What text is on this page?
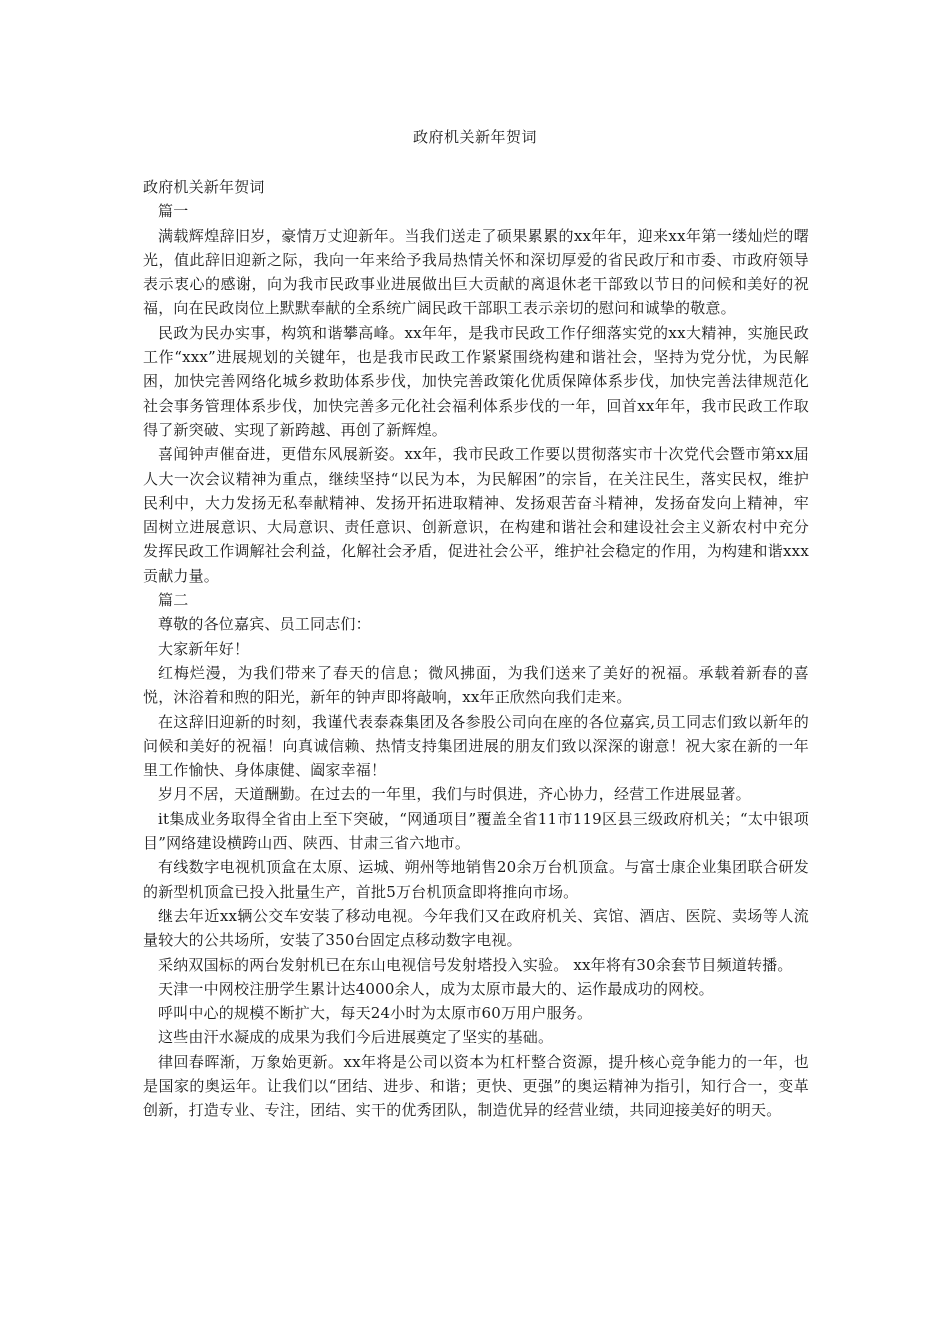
政府机关新年贺词

政府机关新年贺词

篇一

满载辉煌辞旧岁，豪情万丈迎新年。当我们送走了硕果累累的xx年年，迎来xx年第一缕灿烂的曙光，值此辞旧迎新之际，我向一年来给予我局热情关怀和深切厚爱的省民政厅和市委、市政府领导表示衷心的感谢，向为我市民政事业进展做出巨大贡献的离退休老干部致以节日的问候和美好的祝福，向在民政岗位上默默奉献的全系统广阔民政干部职工表示亲切的慰问和诚挚的敬意。

民政为民办实事，构筑和谐攀高峰。xx年年，是我市民政工作仔细落实党的xx大精神，实施民政工作“xxx”进展规划的关键年，也是我市民政工作紧紧围绕构建和谐社会，坚持为党分忧，为民解困，加快完善网络化城乡救助体系步伐，加快完善政策化优质保障体系步伐，加快完善法律规范化社会事务管理体系步伐，加快完善多元化社会福利体系步伐的一年，回首xx年年，我市民政工作取得了新突破、实现了新跨越、再创了新辉煌。

喜闻钟声催奋进，更借东风展新姿。xx年，我市民政工作要以贯彻落实市十次党代会暨市第xx届人大一次会议精神为重点，继续坚持“以民为本，为民解困”的宗旨，在关注民生，落实民权，维护民利中，大力发扬无私奉献精神、发扬开拓进取精神、发扬艰苦奋斗精神，发扬奋发向上精神，牢固树立进展意识、大局意识、责任意识、创新意识，在构建和谐社会和建设社会主义新农村中充分发挥民政工作调解社会利益，化解社会矛盾，促进社会公平，维护社会稳定的作用，为构建和谐xxx贡献力量。

篇二

尊敬的各位嘉宾、员工同志们：

大家新年好！

红梅烂漫，为我们带来了春天的信息；微风拂面，为我们送来了美好的祝福。承载着新春的喜悦，沐浴着和煦的阳光，新年的钟声即将敲响，xx年正欣然向我们走来。

在这辞旧迎新的时刻，我谨代表泰森集团及各参股公司向在座的各位嘉宾,员工同志们致以新年的问候和美好的祝福！向真诚信赖、热情支持集团进展的朋友们致以深深的谢意！祝大家在新的一年里工作愉快、身体康健、阖家幸福！

岁月不居，天道酬勤。在过去的一年里，我们与时俱进，齐心协力，经营工作进展显著。

it集成业务取得全省由上至下突破，“网通项目”覆盖全省11市119区县三级政府机关；“太中银项目”网络建设横跨山西、陕西、甘肃三省六地市。

有线数字电视机顶盒在太原、运城、朔州等地销售20余万台机顶盒。与富士康企业集团联合研发的新型机顶盒已投入批量生产，首批5万台机顶盒即将推向市场。

继去年近xx辆公交车安装了移动电视。今年我们又在政府机关、宾馆、酒店、医院、卖场等人流量较大的公共场所，安装了350台固定点移动数字电视。

采纳双国标的两台发射机已在东山电视信号发射塔投入实验。 xx年将有30余套节目频道转播。

天津一中网校注册学生累计达4000余人，成为太原市最大的、运作最成功的网校。

呼叫中心的规模不断扩大，每天24小时为太原市60万用户服务。

这些由汗水凝成的成果为我们今后进展奠定了坚实的基础。

律回春晖渐，万象始更新。xx年将是公司以资本为杠杆整合资源，提升核心竞争能力的一年，也是国家的奥运年。让我们以“团结、进步、和谐；更快、更强”的奥运精神为指引，知行合一，变革创新，打造专业、专注，团结、实干的优秀团队，制造优异的经营业绩，共同迎接美好的明天。
